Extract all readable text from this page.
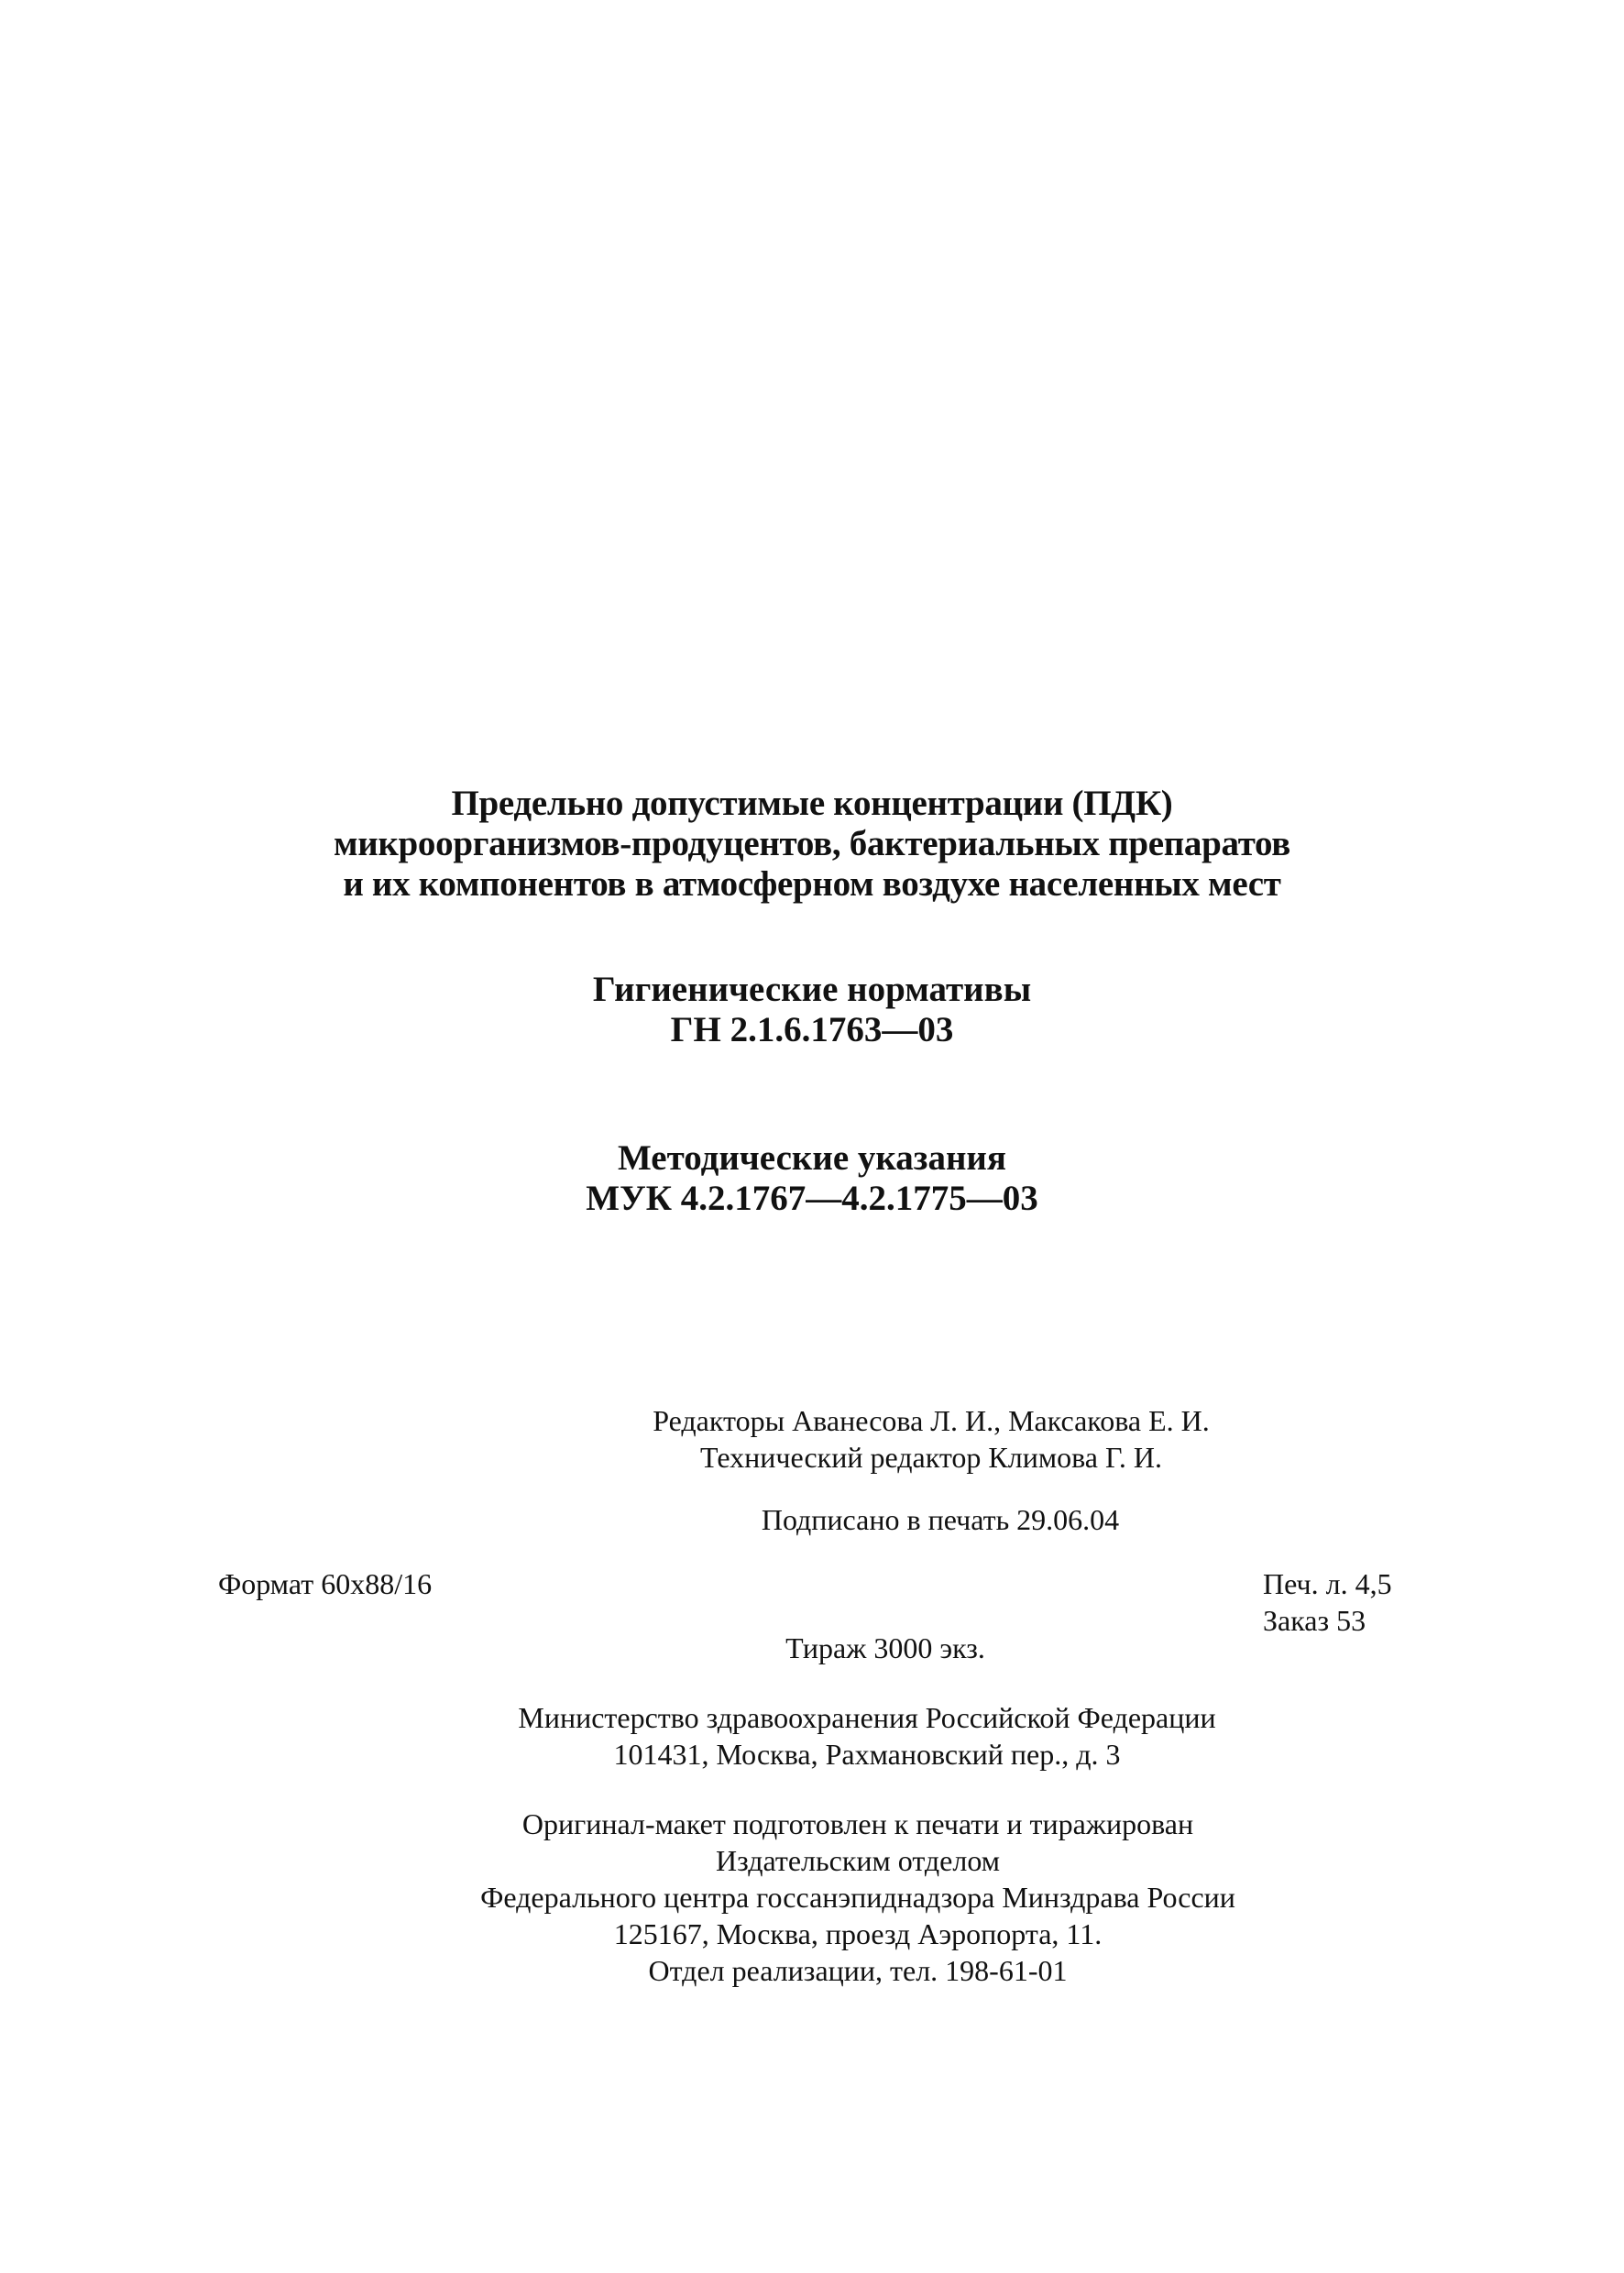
Предельно допустимые концентрации (ПДК)
микроорганизмов-продуцентов, бактериальных препаратов
и их компонентов в атмосферном воздухе населенных мест
Гигиенические нормативы
ГН 2.1.6.1763—03
Методические указания
МУК 4.2.1767—4.2.1775—03
Редакторы Аванесова Л. И., Максакова Е. И.
Технический редактор Климова Г. И.
Подписано в печать 29.06.04
Формат 60x88/16	Печ. л. 4,5
Заказ 53
Тираж 3000 экз.
Министерство здравоохранения Российской Федерации
101431, Москва, Рахмановский пер., д. 3
Оригинал-макет подготовлен к печати и тиражирован
Издательским отделом
Федерального центра госсанэпиднадзора Минздрава России
125167, Москва, проезд Аэропорта, 11.
Отдел реализации, тел. 198-61-01
